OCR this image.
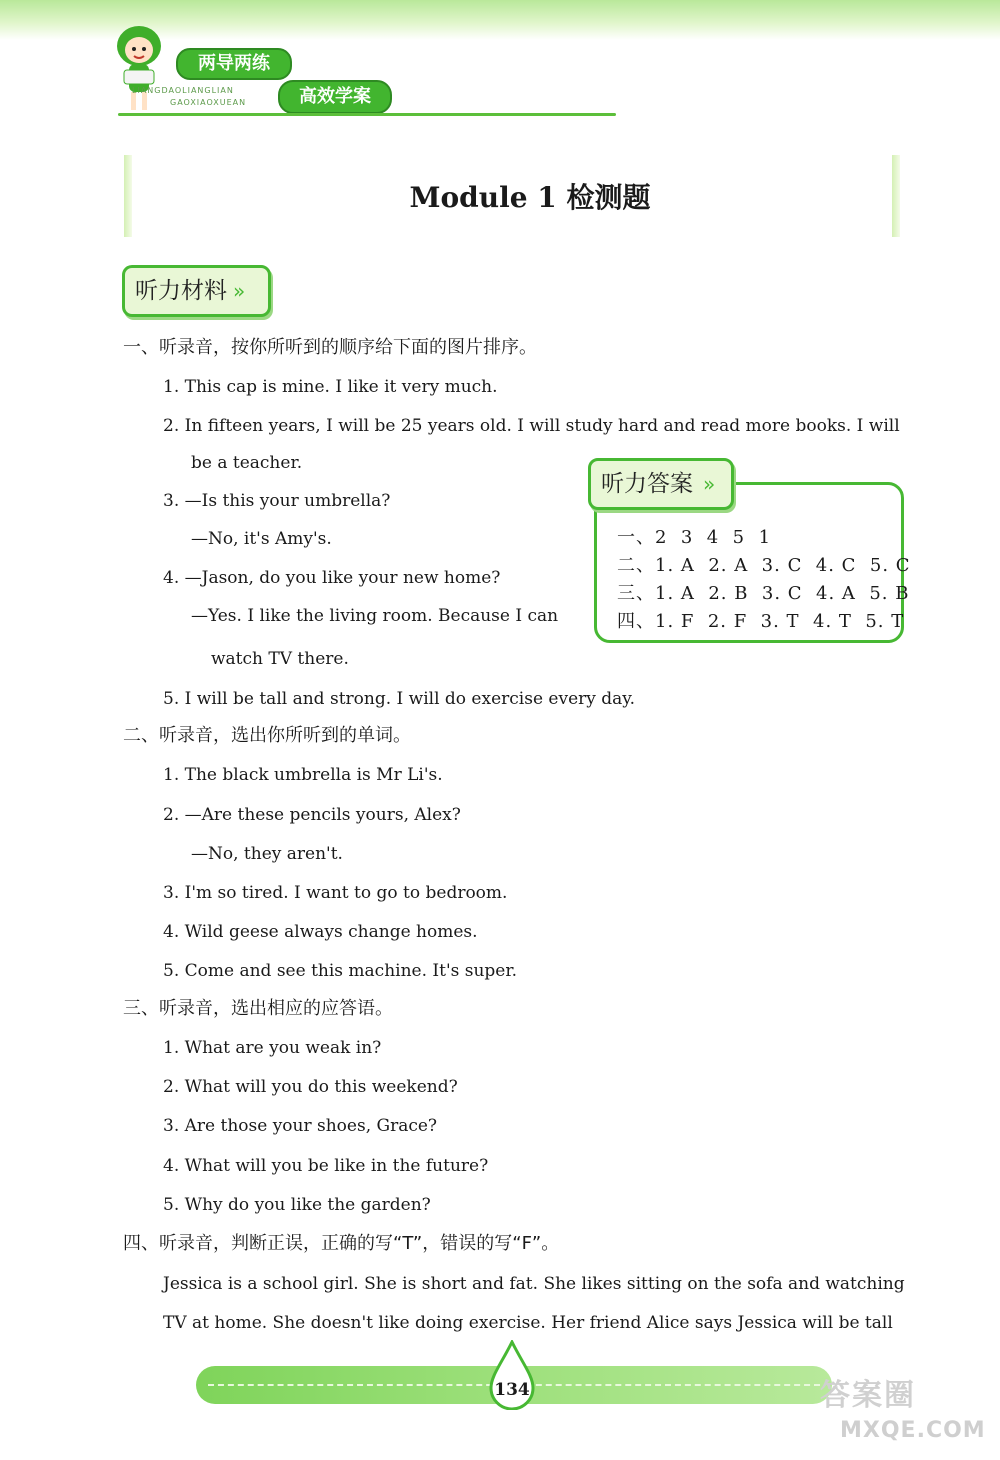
两导两练
LIANGDAOLIANGLIAN
GAOXIAOXUEAN	高效学案
Module 1 检测题
听力材料 »
一、听录音，按你所听到的顺序给下面的图片排序。
1. This cap is mine. I like it very much.
2. In fifteen years, I will be 25 years old. I will study hard and read more books. I will
be a teacher.
3. —Is this your umbrella?
—No, it's Amy's.
4. —Jason, do you like your new home?
—Yes. I like the living room. Because I can
watch TV there.
5. I will be tall and strong. I will do exercise every day.
二、听录音，选出你所听到的单词。
1. The black umbrella is Mr Li's.
2. —Are these pencils yours, Alex?
—No, they aren't.
3. I'm so tired. I want to go to bedroom.
4. Wild geese always change homes.
5. Come and see this machine. It's super.
三、听录音，选出相应的应答语。
1. What are you weak in?
2. What will you do this weekend?
3. Are those your shoes, Grace?
4. What will you be like in the future?
5. Why do you like the garden?
四、听录音，判断正误，正确的写“T”，错误的写“F”。
Jessica is a school girl. She is short and fat. She likes sitting on the sofa and watching
TV at home. She doesn't like doing exercise. Her friend Alice says Jessica will be tall
一、2  3  4  5  1
二、1. A  2. A  3. C  4. C  5. C
三、1. A  2. B  3. C  4. A  5. B
四、1. F  2. F  3. T  4. T  5. T
听力答案 »
134	答案圈
MXQE.COM
